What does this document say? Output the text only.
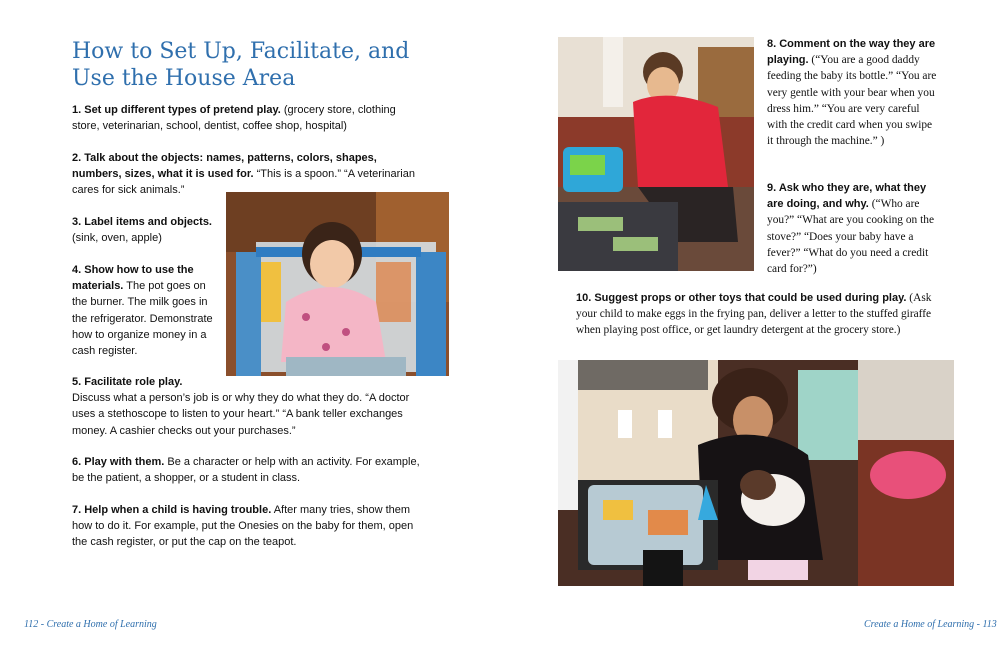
How to Set Up, Facilitate, and
Use the House Area
1. Set up different types of pretend play. (grocery store, clothing store, veterinarian, school, dentist, coffee shop, hospital)
2. Talk about the objects: names, patterns, colors, shapes, numbers, sizes, what it is used for. “This is a spoon.” “A veterinarian cares for sick animals.”
3. Label items and objects.
(sink, oven, apple)
4. Show how to use the materials. The pot goes on the burner. The milk goes in the refrigerator. Demonstrate how to organize money in a cash register.
5. Facilitate role play.
Discuss what a person’s job is or why they do what they do. “A doctor uses a stethoscope to listen to your heart.” “A bank teller exchanges money. A cashier checks out your purchases.”
6. Play with them. Be a character or help with an activity. For example, be the patient, a shopper, or a student in class.
7. Help when a child is having trouble. After many tries, show them how to do it. For example, put the Onesies on the baby for them, open the cash register, or put the cap on the teapot.
112 - Create a Home of Learning
8. Comment on the way they are playing. (“You are a good daddy feeding the baby its bottle.” “You are very gentle with your bear when you dress him.” “You are very careful with the credit card when you swipe it through the machine.” )
9. Ask who they are, what they are doing, and why. (“Who are you?” “What are you cooking on the stove?” “Does your baby have a fever?” “What do you need a credit card for?”)
10. Suggest props or other toys that could be used during play. (Ask your child to make eggs in the frying pan, deliver a letter to the stuffed giraffe when playing post office, or get laundry detergent at the grocery store.)
Create a Home of Learning - 113
